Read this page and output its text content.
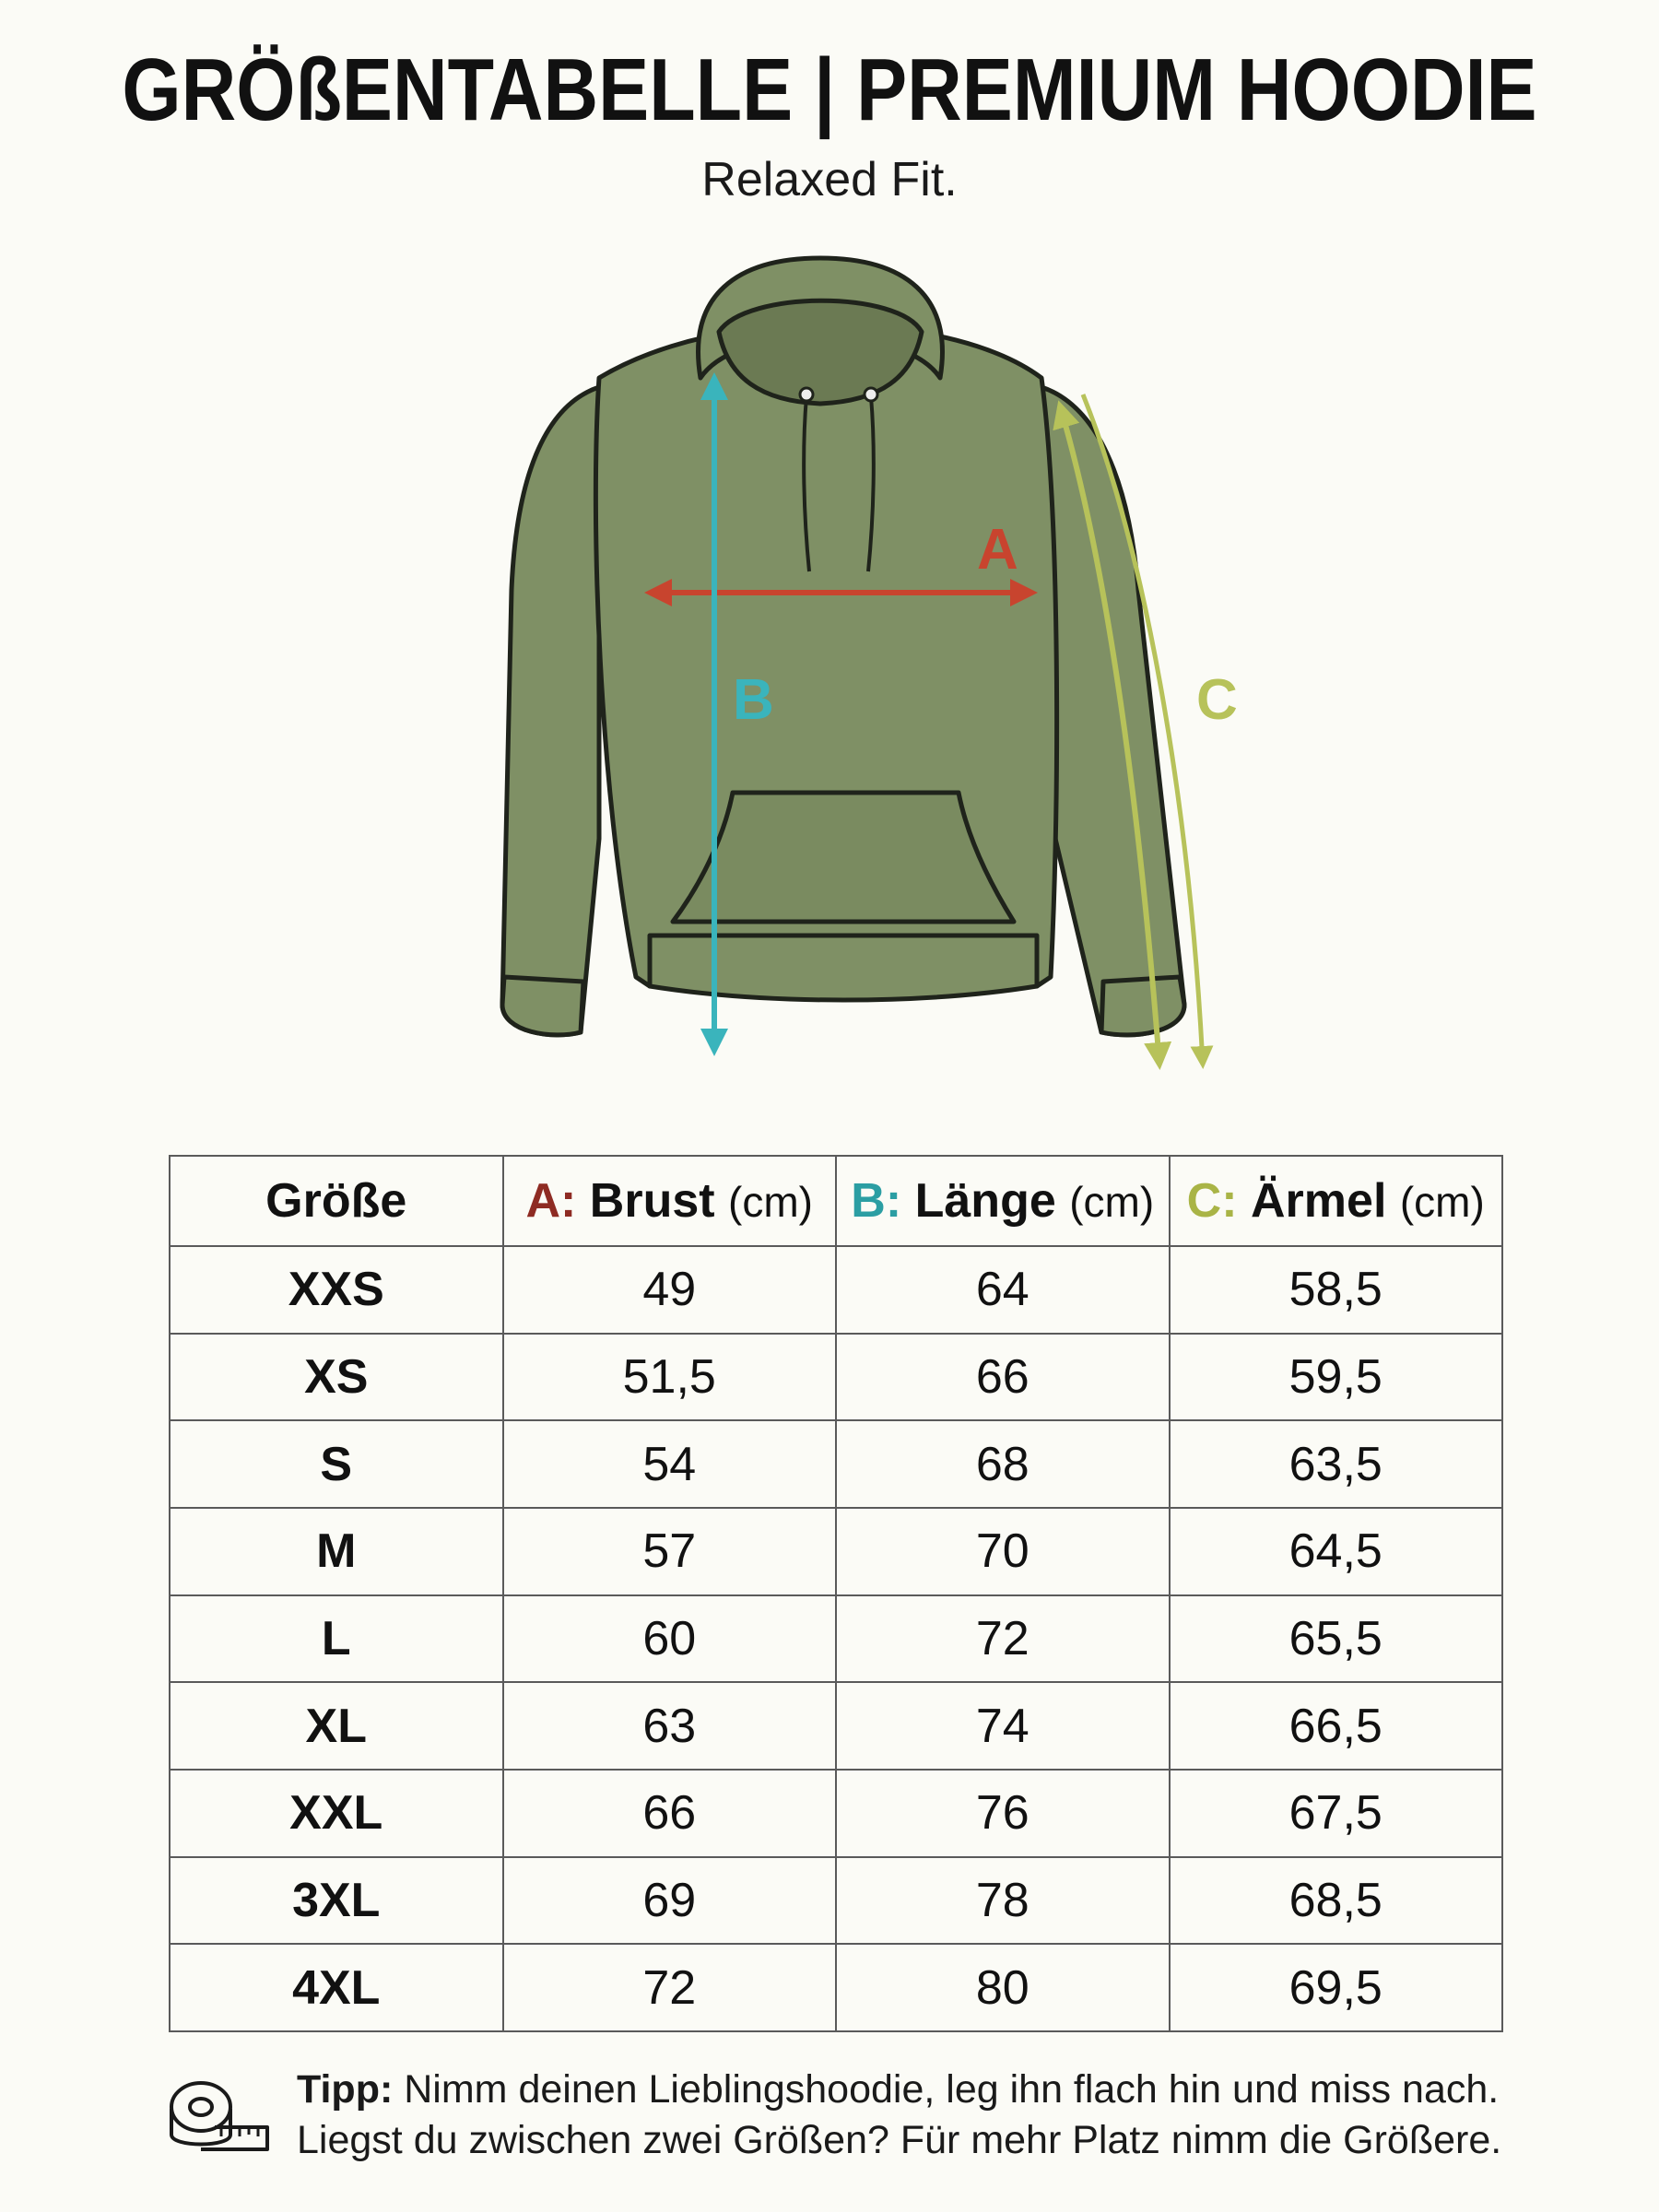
GRÖßENTABELLE | PREMIUM HOODIE
Relaxed Fit.
A
B	C
Größe	A: Brust (cm)	B: Länge (cm)	C: Ärmel (cm)
XXS	49	64	58,5
XS	51,5	66	59,5
S	54	68	63,5
M	57	70	64,5
L	60	72	65,5
XL	63	74	66,5
XXL	66	76	67,5
3XL	69	78	68,5
4XL	72	80	69,5
Tipp: Nimm deinen Lieblingshoodie, leg ihn flach hin und miss nach.
Liegst du zwischen zwei Größen? Für mehr Platz nimm die Größere.
